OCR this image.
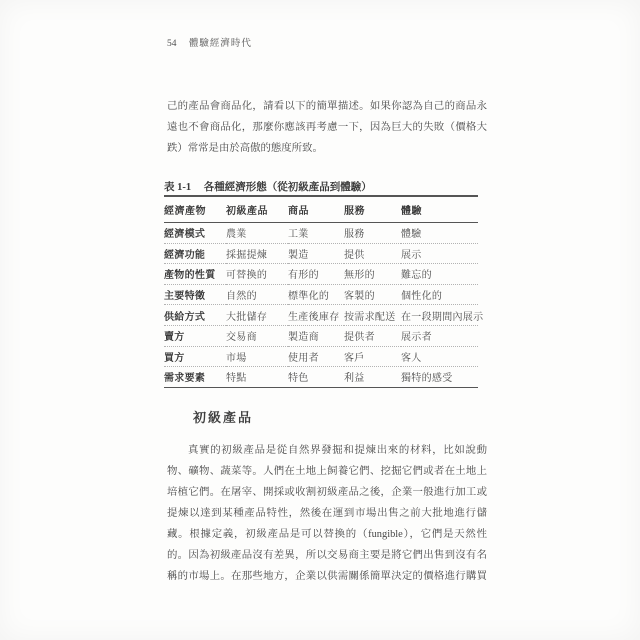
54 體驗經濟時代
己的產品會商品化，請看以下的簡單描述。如果你認為自己的商品永
遠也不會商品化，那麼你應該再考慮一下，因為巨大的失敗（價格大
跌）常常是由於高傲的態度所致。
表 1-1 各種經濟形態（從初級產品到體驗）
經濟產物	初級產品	商品	服務	體驗
經濟模式	農業	工業	服務	體驗
經濟功能	採掘提煉	製造	提供	展示
產物的性質	可替換的	有形的	無形的	難忘的
主要特徵	自然的	標準化的	客製的	個性化的
供給方式	大批儲存	生產後庫存	按需求配送	在一段期間內展示
賣方	交易商	製造商	提供者	展示者
買方	市場	使用者	客戶	客人
需求要素	特點	特色	利益	獨特的感受
初級產品
真實的初級產品是從自然界發掘和提煉出來的材料，比如說動
物、礦物、蔬菜等。人們在土地上飼養它們、挖掘它們或者在土地上
培植它們。在屠宰、開採或收割初級產品之後，企業一般進行加工或
提煉以達到某種產品特性，然後在運到市場出售之前大批地進行儲
藏。根據定義，初級產品是可以替換的（fungible），它們是天然性
的。因為初級產品沒有差異，所以交易商主要是將它們出售到沒有名
稱的市場上。在那些地方，企業以供需關係簡單決定的價格進行購買
